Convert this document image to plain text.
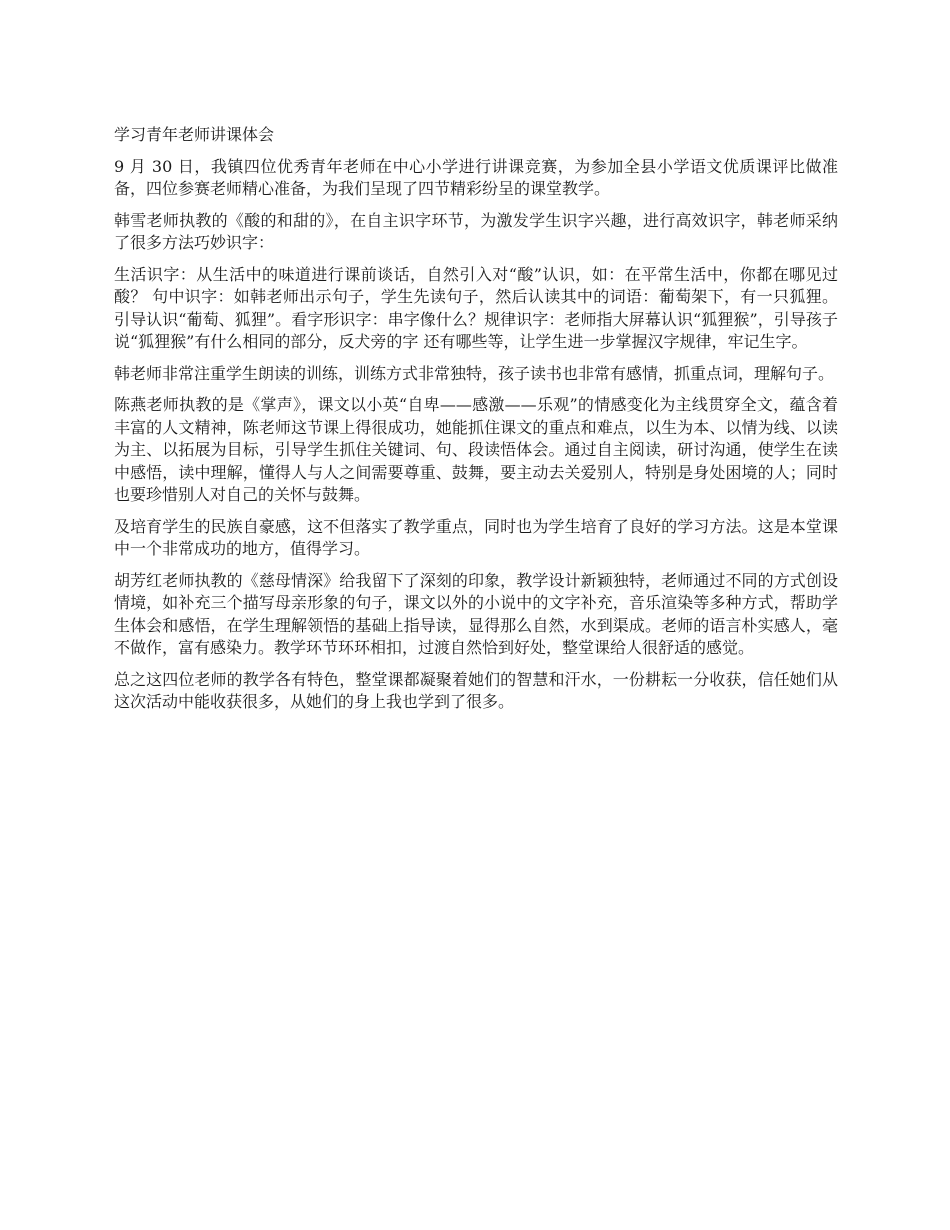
学习青年老师讲课体会

9 月 30 日，我镇四位优秀青年老师在中心小学进行讲课竞赛，为参加全县小学语文优质课评比做准备，四位参赛老师精心准备，为我们呈现了四节精彩纷呈的课堂教学。

韩雪老师执教的《酸的和甜的》，在自主识字环节，为激发学生识字兴趣，进行高效识字，韩老师采纳了很多方法巧妙识字：

生活识字：从生活中的味道进行课前谈话，自然引入对“酸”认识，如：在平常生活中，你都在哪见过酸？ 句中识字：如韩老师出示句子，学生先读句子，然后认读其中的词语：葡萄架下，有一只狐狸。引导认识“葡萄、狐狸”。看字形识字：串字像什么？规律识字：老师指大屏幕认识“狐狸猴”，引导孩子说“狐狸猴”有什么相同的部分，反犬旁的字 还有哪些等，让学生进一步掌握汉字规律，牢记生字。

韩老师非常注重学生朗读的训练，训练方式非常独特，孩子读书也非常有感情，抓重点词，理解句子。

陈燕老师执教的是《掌声》，课文以小英“自卑——感激——乐观”的情感变化为主线贯穿全文，蕴含着丰富的人文精神，陈老师这节课上得很成功，她能抓住课文的重点和难点，以生为本、以情为线、以读为主、以拓展为目标，引导学生抓住关键词、句、段读悟体会。通过自主阅读，研讨沟通，使学生在读中感悟，读中理解，懂得人与人之间需要尊重、鼓舞，要主动去关爱别人，特别是身处困境的人；同时也要珍惜别人对自己的关怀与鼓舞。

及培育学生的民族自豪感，这不但落实了教学重点，同时也为学生培育了良好的学习方法。这是本堂课中一个非常成功的地方，值得学习。

胡芳红老师执教的《慈母情深》给我留下了深刻的印象，教学设计新颖独特，老师通过不同的方式创设情境，如补充三个描写母亲形象的句子，课文以外的小说中的文字补充，音乐渲染等多种方式，帮助学生体会和感悟，在学生理解领悟的基础上指导读，显得那么自然，水到渠成。老师的语言朴实感人，毫不做作，富有感染力。教学环节环环相扣，过渡自然恰到好处，整堂课给人很舒适的感觉。

总之这四位老师的教学各有特色，整堂课都凝聚着她们的智慧和汗水，一份耕耘一分收获，信任她们从这次活动中能收获很多，从她们的身上我也学到了很多。
